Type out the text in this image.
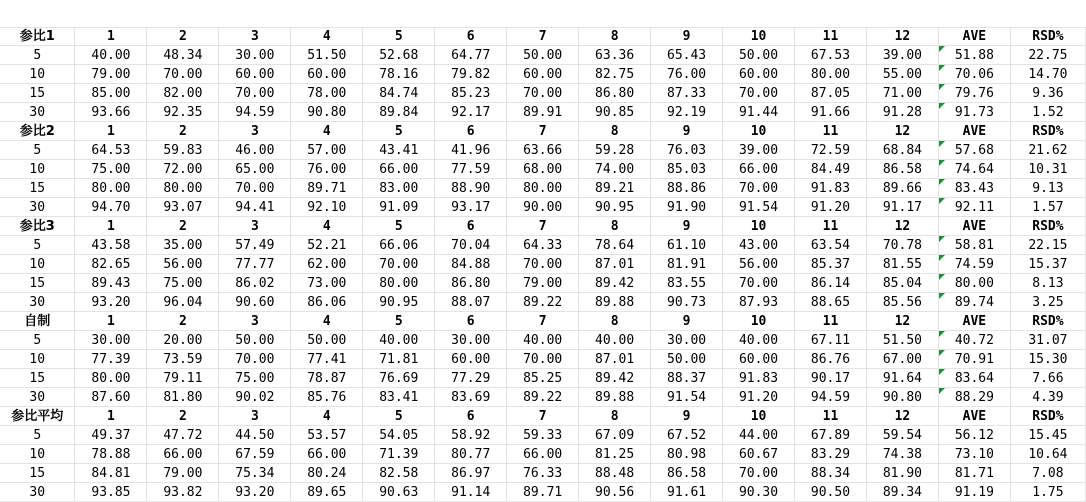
参比1	1	2	3	4	5	6	7	8	9	10	11	12	AVE	RSD%
5	40.00	48.34	30.00	51.50	52.68	64.77	50.00	63.36	65.43	50.00	67.53	39.00	51.88	22.75
10	79.00	70.00	60.00	60.00	78.16	79.82	60.00	82.75	76.00	60.00	80.00	55.00	70.06	14.70
15	85.00	82.00	70.00	78.00	84.74	85.23	70.00	86.80	87.33	70.00	87.05	71.00	79.76	9.36
30	93.66	92.35	94.59	90.80	89.84	92.17	89.91	90.85	92.19	91.44	91.66	91.28	91.73	1.52
参比2	1	2	3	4	5	6	7	8	9	10	11	12	AVE	RSD%
5	64.53	59.83	46.00	57.00	43.41	41.96	63.66	59.28	76.03	39.00	72.59	68.84	57.68	21.62
10	75.00	72.00	65.00	76.00	66.00	77.59	68.00	74.00	85.03	66.00	84.49	86.58	74.64	10.31
15	80.00	80.00	70.00	89.71	83.00	88.90	80.00	89.21	88.86	70.00	91.83	89.66	83.43	9.13
30	94.70	93.07	94.41	92.10	91.09	93.17	90.00	90.95	91.90	91.54	91.20	91.17	92.11	1.57
参比3	1	2	3	4	5	6	7	8	9	10	11	12	AVE	RSD%
5	43.58	35.00	57.49	52.21	66.06	70.04	64.33	78.64	61.10	43.00	63.54	70.78	58.81	22.15
10	82.65	56.00	77.77	62.00	70.00	84.88	70.00	87.01	81.91	56.00	85.37	81.55	74.59	15.37
15	89.43	75.00	86.02	73.00	80.00	86.80	79.00	89.42	83.55	70.00	86.14	85.04	80.00	8.13
30	93.20	96.04	90.60	86.06	90.95	88.07	89.22	89.88	90.73	87.93	88.65	85.56	89.74	3.25
自制	1	2	3	4	5	6	7	8	9	10	11	12	AVE	RSD%
5	30.00	20.00	50.00	50.00	40.00	30.00	40.00	40.00	30.00	40.00	67.11	51.50	40.72	31.07
10	77.39	73.59	70.00	77.41	71.81	60.00	70.00	87.01	50.00	60.00	86.76	67.00	70.91	15.30
15	80.00	79.11	75.00	78.87	76.69	77.29	85.25	89.42	88.37	91.83	90.17	91.64	83.64	7.66
30	87.60	81.80	90.02	85.76	83.41	83.69	89.22	89.88	91.54	91.20	94.59	90.80	88.29	4.39
参比平均	1	2	3	4	5	6	7	8	9	10	11	12	AVE	RSD%
5	49.37	47.72	44.50	53.57	54.05	58.92	59.33	67.09	67.52	44.00	67.89	59.54	56.12	15.45
10	78.88	66.00	67.59	66.00	71.39	80.77	66.00	81.25	80.98	60.67	83.29	74.38	73.10	10.64
15	84.81	79.00	75.34	80.24	82.58	86.97	76.33	88.48	86.58	70.00	88.34	81.90	81.71	7.08
30	93.85	93.82	93.20	89.65	90.63	91.14	89.71	90.56	91.61	90.30	90.50	89.34	91.19	1.75
